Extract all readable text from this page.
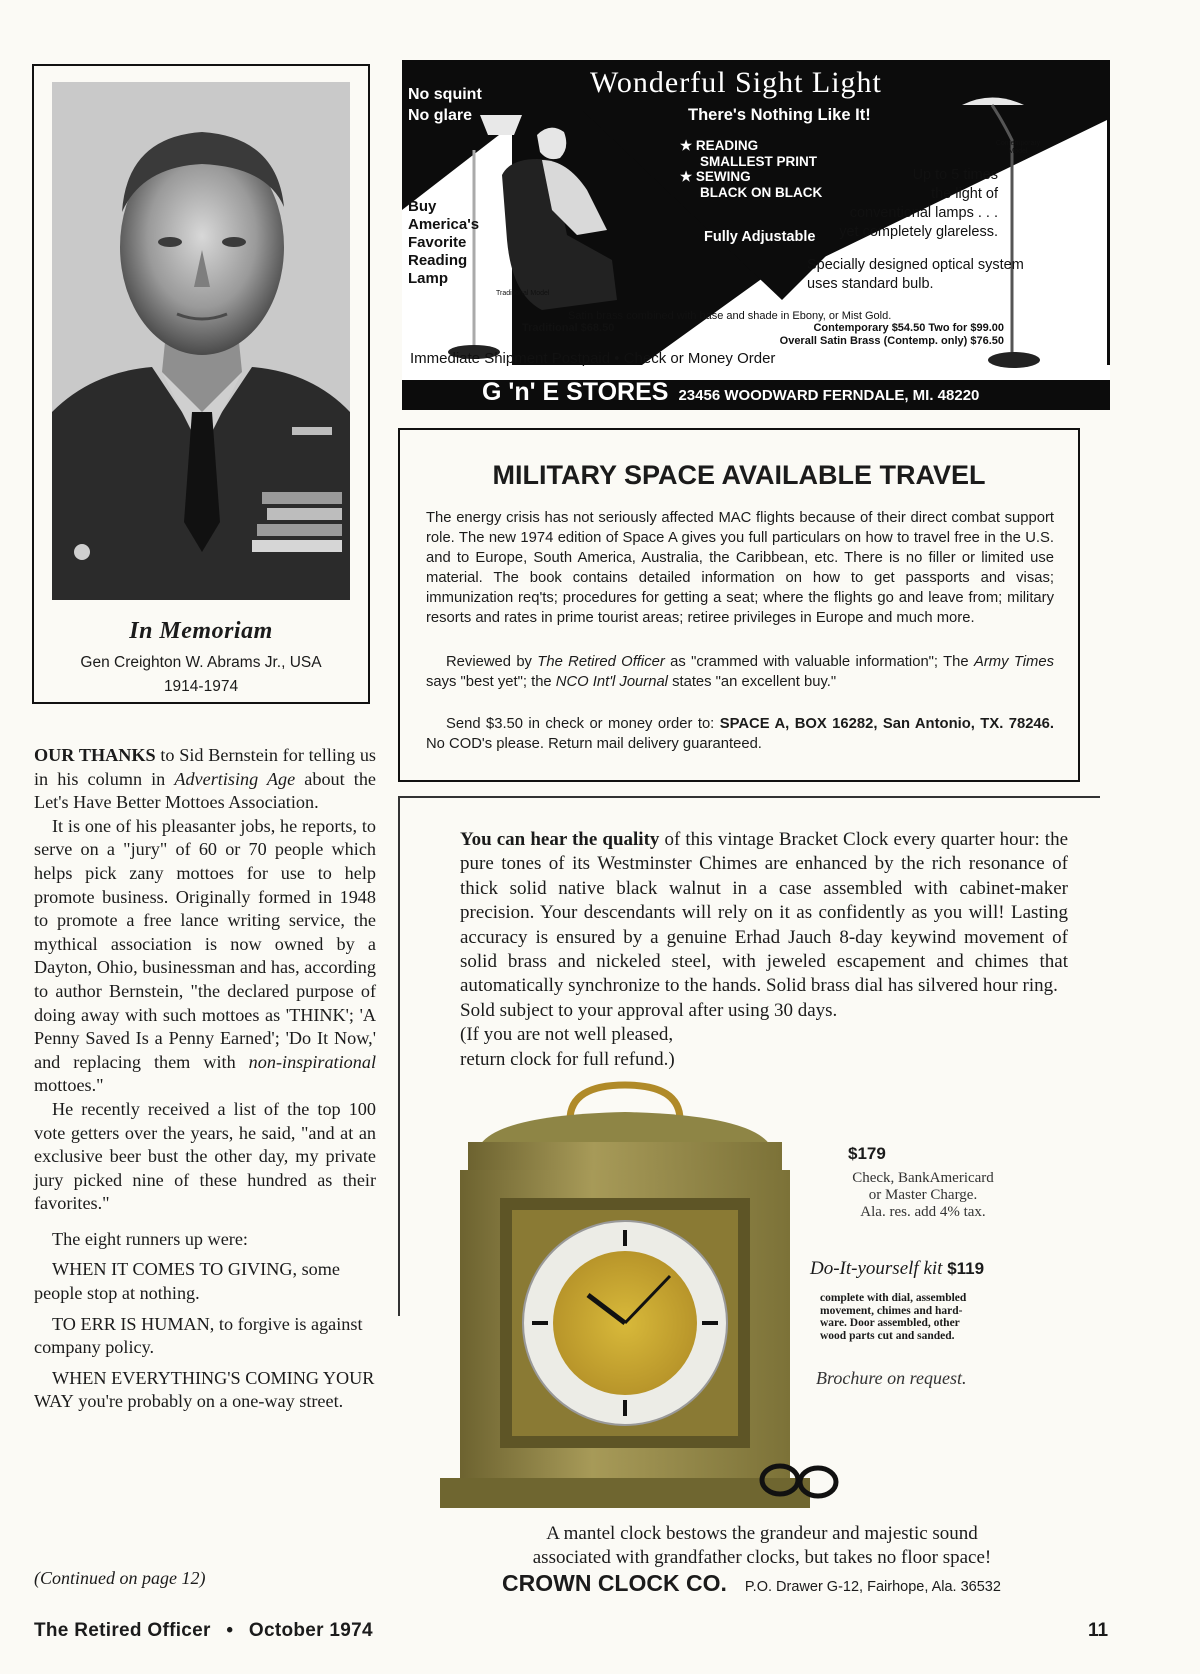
In Memoriam
Gen Creighton W. Abrams Jr., USA
1914-1974

OUR THANKS to Sid Bernstein for telling us in his column in Advertising Age about the Let's Have Better Mottoes Association.

It is one of his pleasanter jobs, he reports, to serve on a "jury" of 60 or 70 people which helps pick zany mottoes for use to help promote business. Originally formed in 1948 to promote a free lance writing service, the mythical association is now owned by a Dayton, Ohio, businessman and has, according to author Bernstein, "the declared purpose of doing away with such mottoes as 'THINK'; 'A Penny Saved Is a Penny Earned'; 'Do It Now,' and replacing them with non-inspirational mottoes."

He recently received a list of the top 100 vote getters over the years, he said, "and at an exclusive beer bust the other day, my private jury picked nine of these hundred as their favorites."

The eight runners up were:

WHEN IT COMES TO GIVING, some people stop at nothing.

TO ERR IS HUMAN, to forgive is against company policy.

WHEN EVERYTHING'S COMING YOUR WAY you're probably on a one-way street.

(Continued on page 12)
The Retired Officer • October 1974	11
No squint
No glare
Wonderful Sight Light
There's Nothing Like It!
★ READING
SMALLEST PRINT
★ SEWING
BLACK ON BLACK
Fully Adjustable
Buy
America's
Favorite
Reading
Lamp
Up to 5 times
the light of
conventional lamps . . .
yet completely glareless.
Specially designed optical system
uses standard bulb.
Traditional Model
Contemporary Model
Satin brass combined with base and shade in Ebony, or Mist Gold.
Traditional $68.50	Contemporary $54.50 Two for $99.00
Overall Satin Brass (Contemp. only) $76.50
Immediate Shipment Postpaid • Check or Money Order
G 'n' E STORES 23456 WOODWARD FERNDALE, MI. 48220
MILITARY SPACE AVAILABLE TRAVEL

The energy crisis has not seriously affected MAC flights because of their direct combat support role. The new 1974 edition of Space A gives you full particulars on how to travel free in the U.S. and to Europe, South America, Australia, the Caribbean, etc. There is no filler or limited use material. The book contains detailed information on how to get passports and visas; immunization req'ts; procedures for getting a seat; where the flights go and leave from; military resorts and rates in prime tourist areas; retiree privileges in Europe and much more.

Reviewed by The Retired Officer as "crammed with valuable information"; The Army Times says "best yet"; the NCO Int'l Journal states "an excellent buy."

Send $3.50 in check or money order to: SPACE A, BOX 16282, San Antonio, TX. 78246. No COD's please. Return mail delivery guaranteed.

You can hear the quality of this vintage Bracket Clock every quarter hour: the pure tones of its Westminster Chimes are enhanced by the rich resonance of thick solid native black walnut in a case assembled with cabinet-maker precision. Your descendants will rely on it as confidently as you will! Lasting accuracy is ensured by a genuine Erhad Jauch 8-day keywind movement of solid brass and nickeled steel, with jeweled escapement and chimes that automatically synchronize to the hands. Solid brass dial has silvered hour ring.

Sold subject to your approval after using 30 days.

(If you are not well pleased,

return clock for full refund.)

$179
Check, BankAmericard
or Master Charge.
Ala. res. add 4% tax.
Do-It-yourself kit $119
complete with dial, assembled
movement, chimes and hard-
ware. Door assembled, other
wood parts cut and sanded.
Brochure on request.
A mantel clock bestows the grandeur and majestic sound
associated with grandfather clocks, but takes no floor space!
CROWN CLOCK CO. P.O. Drawer G-12, Fairhope, Ala. 36532
